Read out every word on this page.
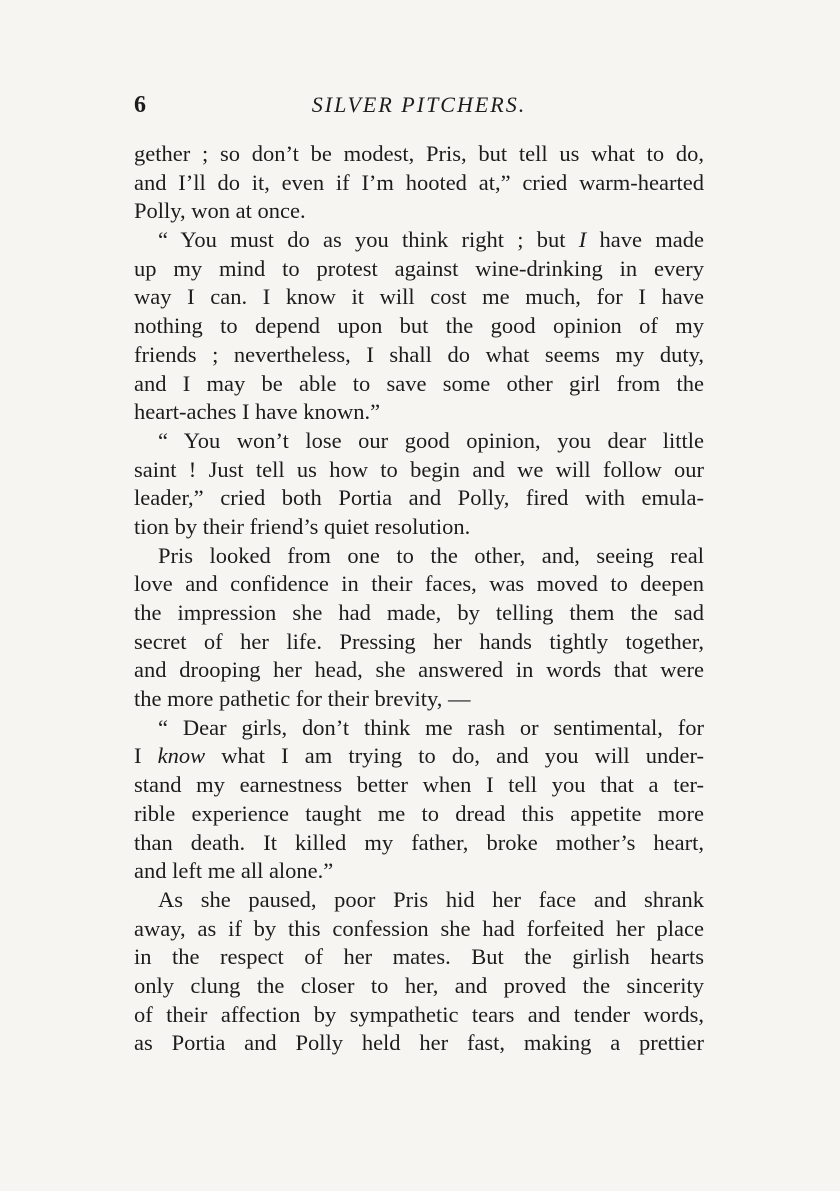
SILVER PITCHERS.
6
gether ; so don’t be modest, Pris, but tell us what to do,
and I’ll do it, even if I’m hooted at,” cried warm-hearted
Polly, won at once.
“ You must do as you think right ; but I have made
up my mind to protest against wine-drinking in every
way I can. I know it will cost me much, for I have
nothing to depend upon but the good opinion of my
friends ; nevertheless, I shall do what seems my duty,
and I may be able to save some other girl from the
heart-aches I have known.”
“ You won’t lose our good opinion, you dear little
saint ! Just tell us how to begin and we will follow our
leader,” cried both Portia and Polly, fired with emula-
tion by their friend’s quiet resolution.
Pris looked from one to the other, and, seeing real
love and confidence in their faces, was moved to deepen
the impression she had made, by telling them the sad
secret of her life. Pressing her hands tightly together,
and drooping her head, she answered in words that were
the more pathetic for their brevity, —
“ Dear girls, don’t think me rash or sentimental, for
I know what I am trying to do, and you will under-
stand my earnestness better when I tell you that a ter-
rible experience taught me to dread this appetite more
than death. It killed my father, broke mother’s heart,
and left me all alone.”
As she paused, poor Pris hid her face and shrank
away, as if by this confession she had forfeited her place
in the respect of her mates. But the girlish hearts
only clung the closer to her, and proved the sincerity
of their affection by sympathetic tears and tender words,
as Portia and Polly held her fast, making a prettier
